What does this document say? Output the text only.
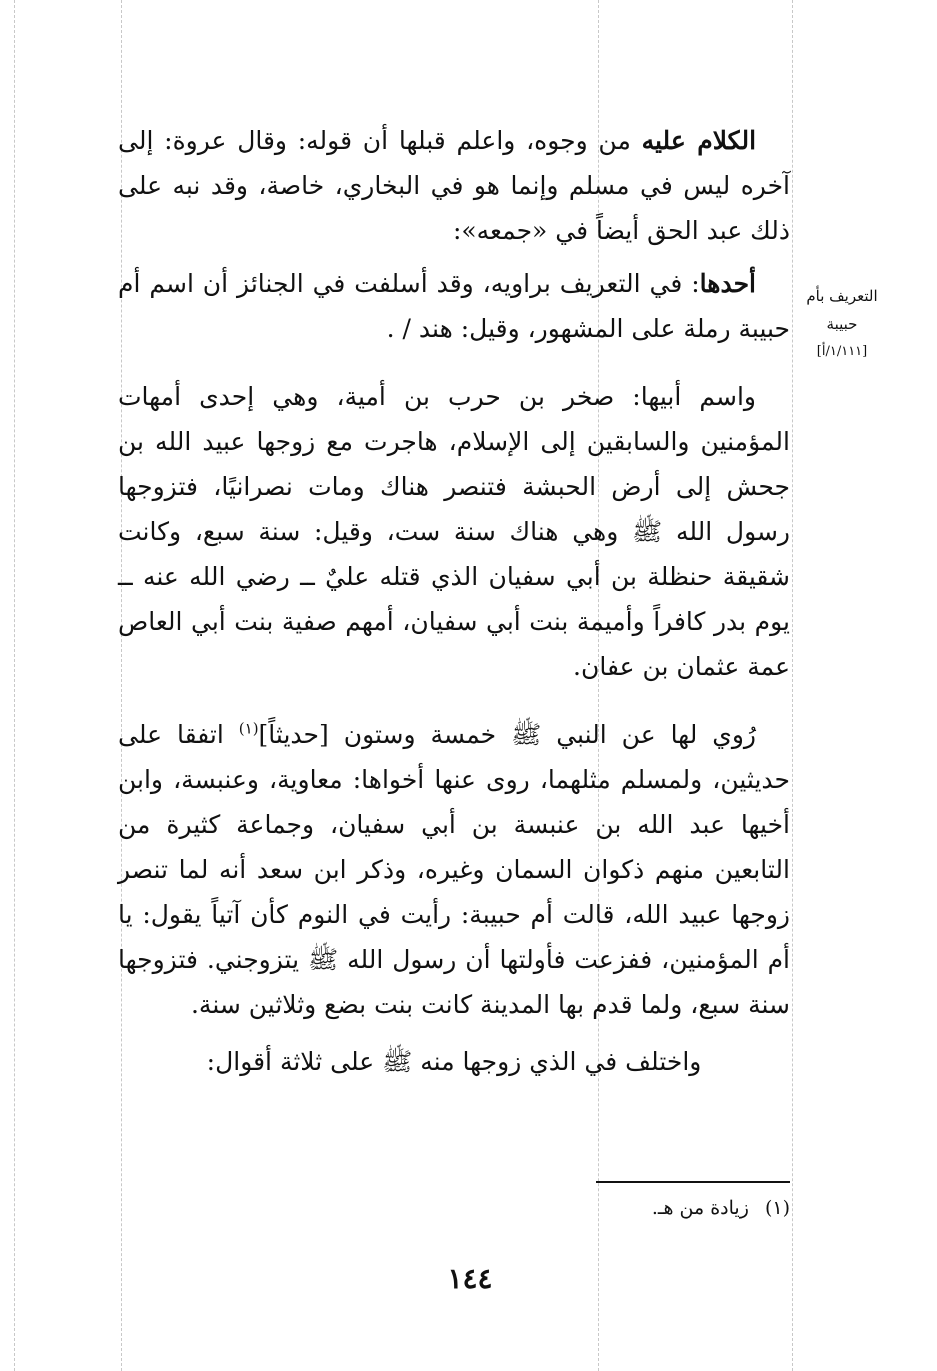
الكلام عليه من وجوه، واعلم قبلها أن قوله: وقال عروة: إلى آخره ليس في مسلم وإنما هو في البخاري، خاصة، وقد نبه على ذلك عبد الحق أيضاً في «جمعه»:

أحدها: في التعريف براويه، وقد أسلفت في الجنائز أن اسم أم حبيبة رملة على المشهور، وقيل: هند / .

واسم أبيها: صخر بن حرب بن أمية، وهي إحدى أمهات المؤمنين والسابقين إلى الإسلام، هاجرت مع زوجها عبيد الله بن جحش إلى أرض الحبشة فتنصر هناك ومات نصرانيًا، فتزوجها رسول الله ﷺ وهي هناك سنة ست، وقيل: سنة سبع، وكانت شقيقة حنظلة بن أبي سفيان الذي قتله عليٌ ــ رضي الله عنه ــ يوم بدر كافراً وأميمة بنت أبي سفيان، أمهم صفية بنت أبي العاص عمة عثمان بن عفان.

رُوي لها عن النبي ﷺ خمسة وستون [حديثاً]$^{(١)}$ اتفقا على حديثين، ولمسلم مثلهما، روى عنها أخواها: معاوية، وعنبسة، وابن أخيها عبد الله بن عنبسة بن أبي سفيان، وجماعة كثيرة من التابعين منهم ذكوان السمان وغيره، وذكر ابن سعد أنه لما تنصر زوجها عبيد الله، قالت أم حبيبة: رأيت في النوم كأن آتياً يقول: يا أم المؤمنين، ففزعت فأولتها أن رسول الله ﷺ يتزوجني. فتزوجها سنة سبع، ولما قدم بها المدينة كانت بنت بضع وثلاثين سنة.

واختلف في الذي زوجها منه ﷺ على ثلاثة أقوال:

التعريف بأم
حبيبة
[١/١١١/أ]
(١) زيادة من هـ.
١٤٤
